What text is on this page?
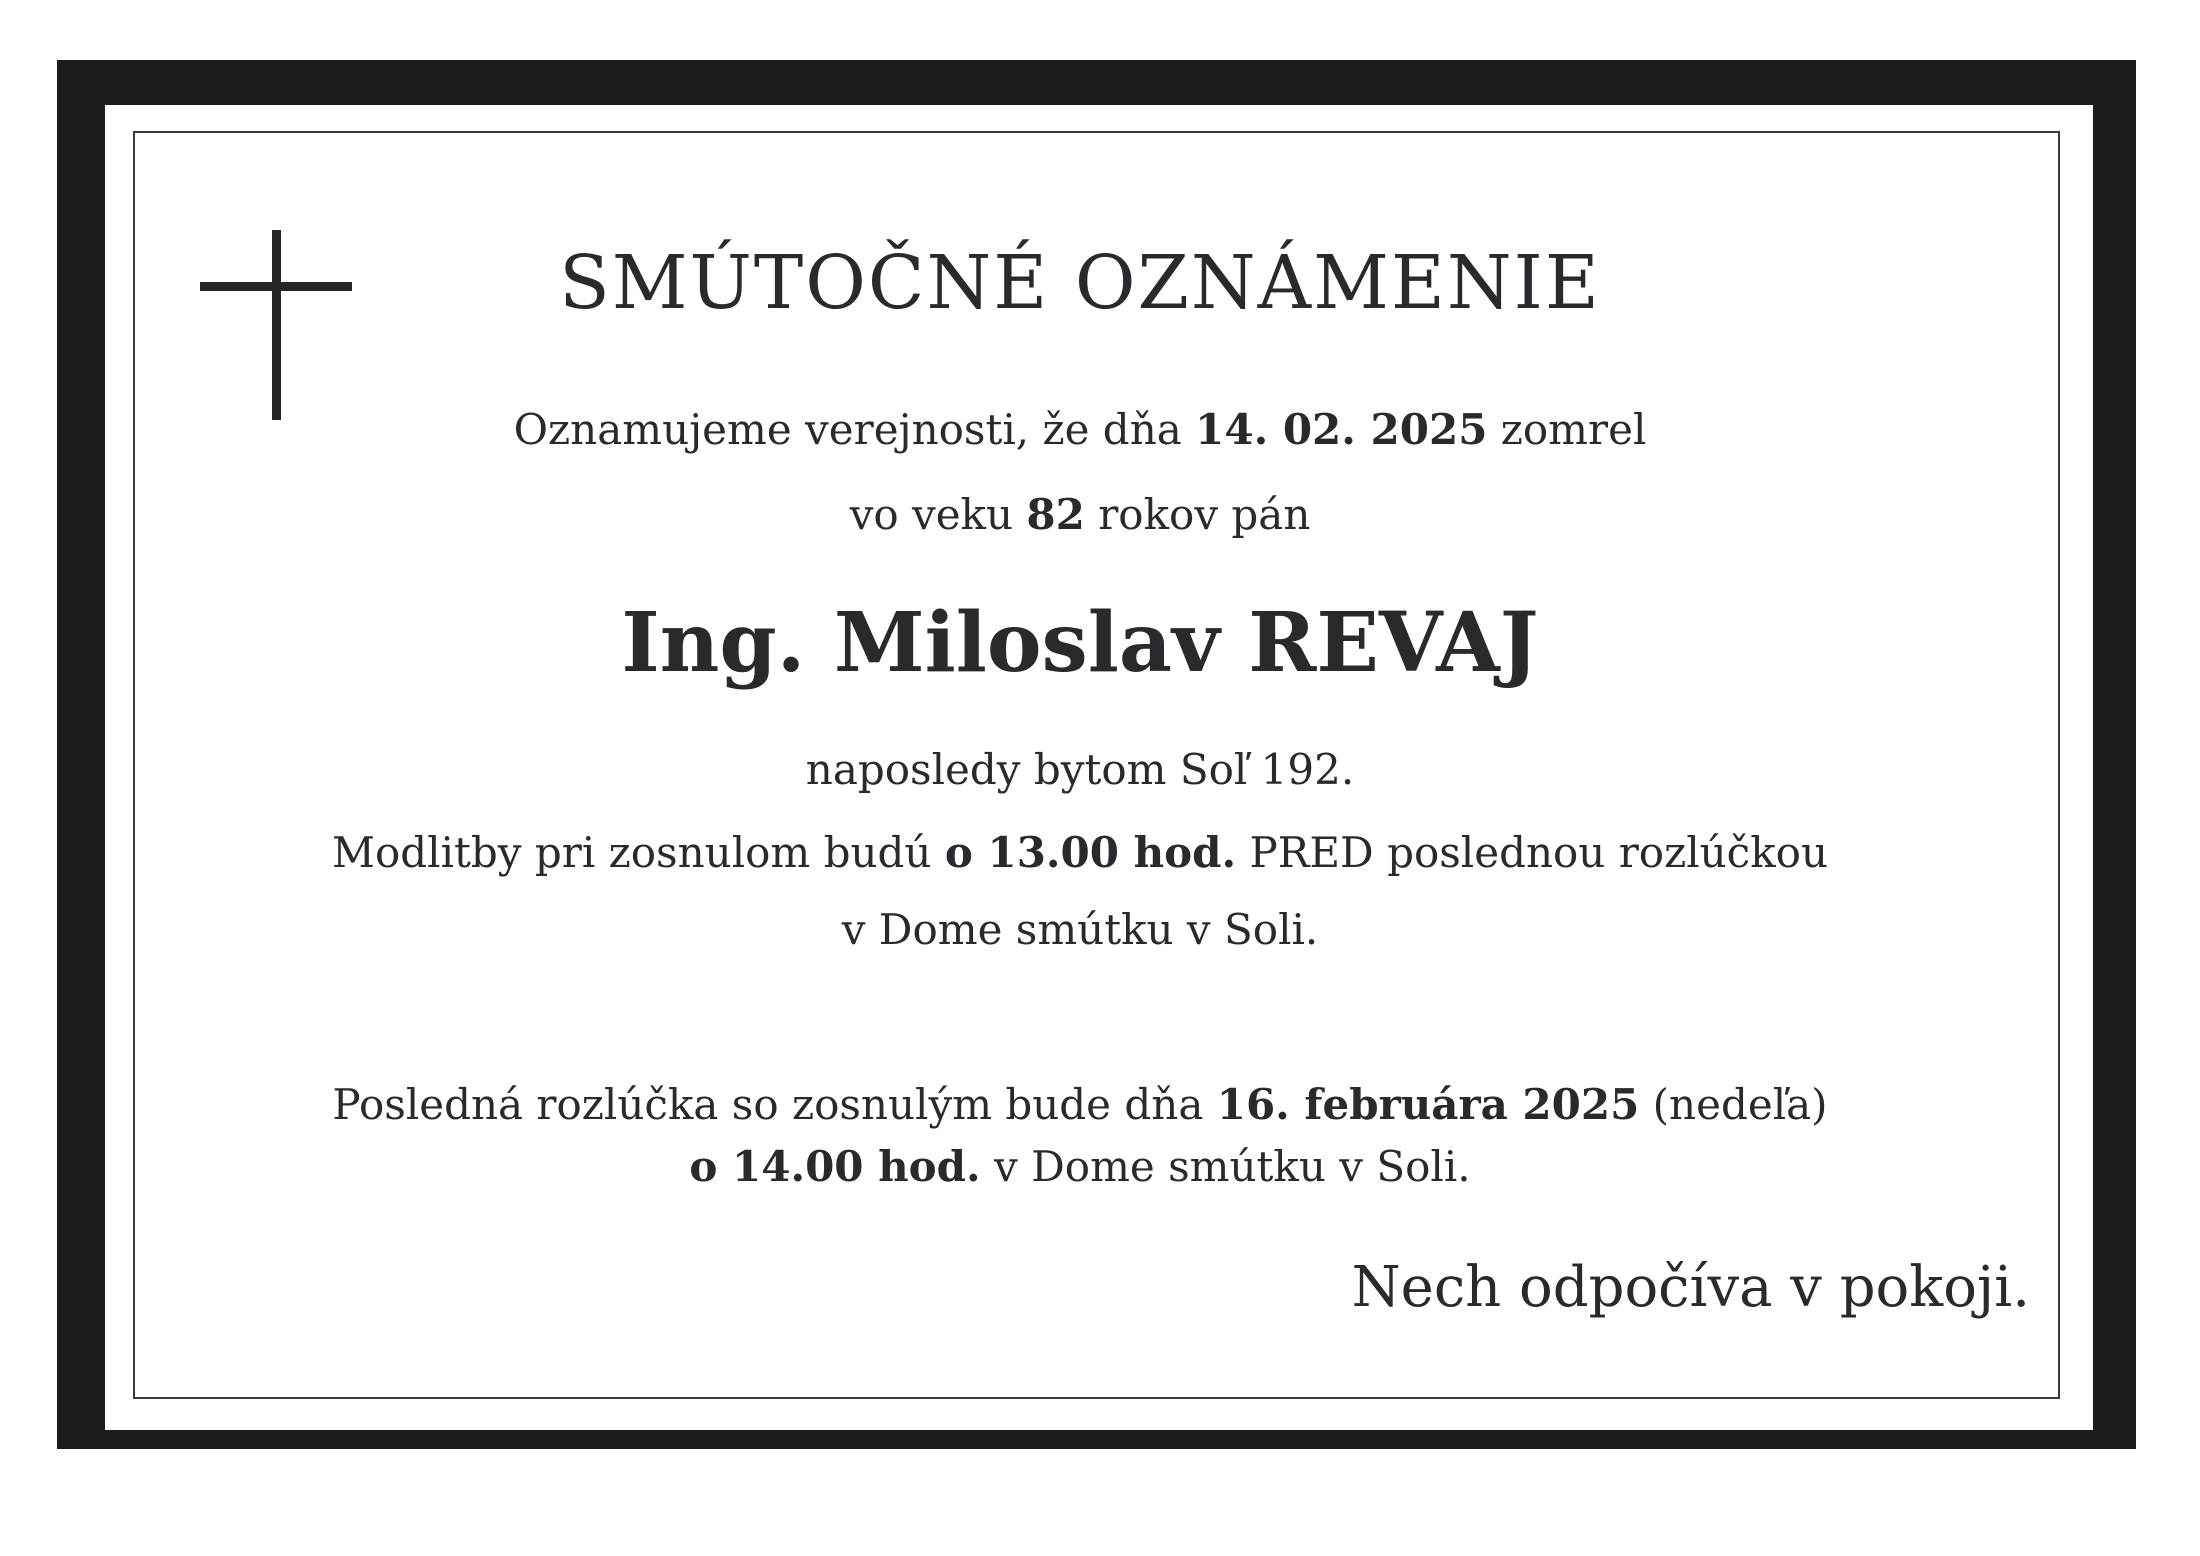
SMÚTOČNÉ OZNÁMENIE

Oznamujeme verejnosti, že dňa 14. 02. 2025 zomrel

vo veku 82 rokov pán

Ing. Miloslav REVAJ

naposledy bytom Soľ 192.

Modlitby pri zosnulom budú o 13.00 hod. PRED poslednou rozlúčkou

v Dome smútku v Soli.

Posledná rozlúčka so zosnulým bude dňa 16. februára 2025 (nedeľa)

o 14.00 hod. v Dome smútku v Soli.

Nech odpočíva v pokoji.
